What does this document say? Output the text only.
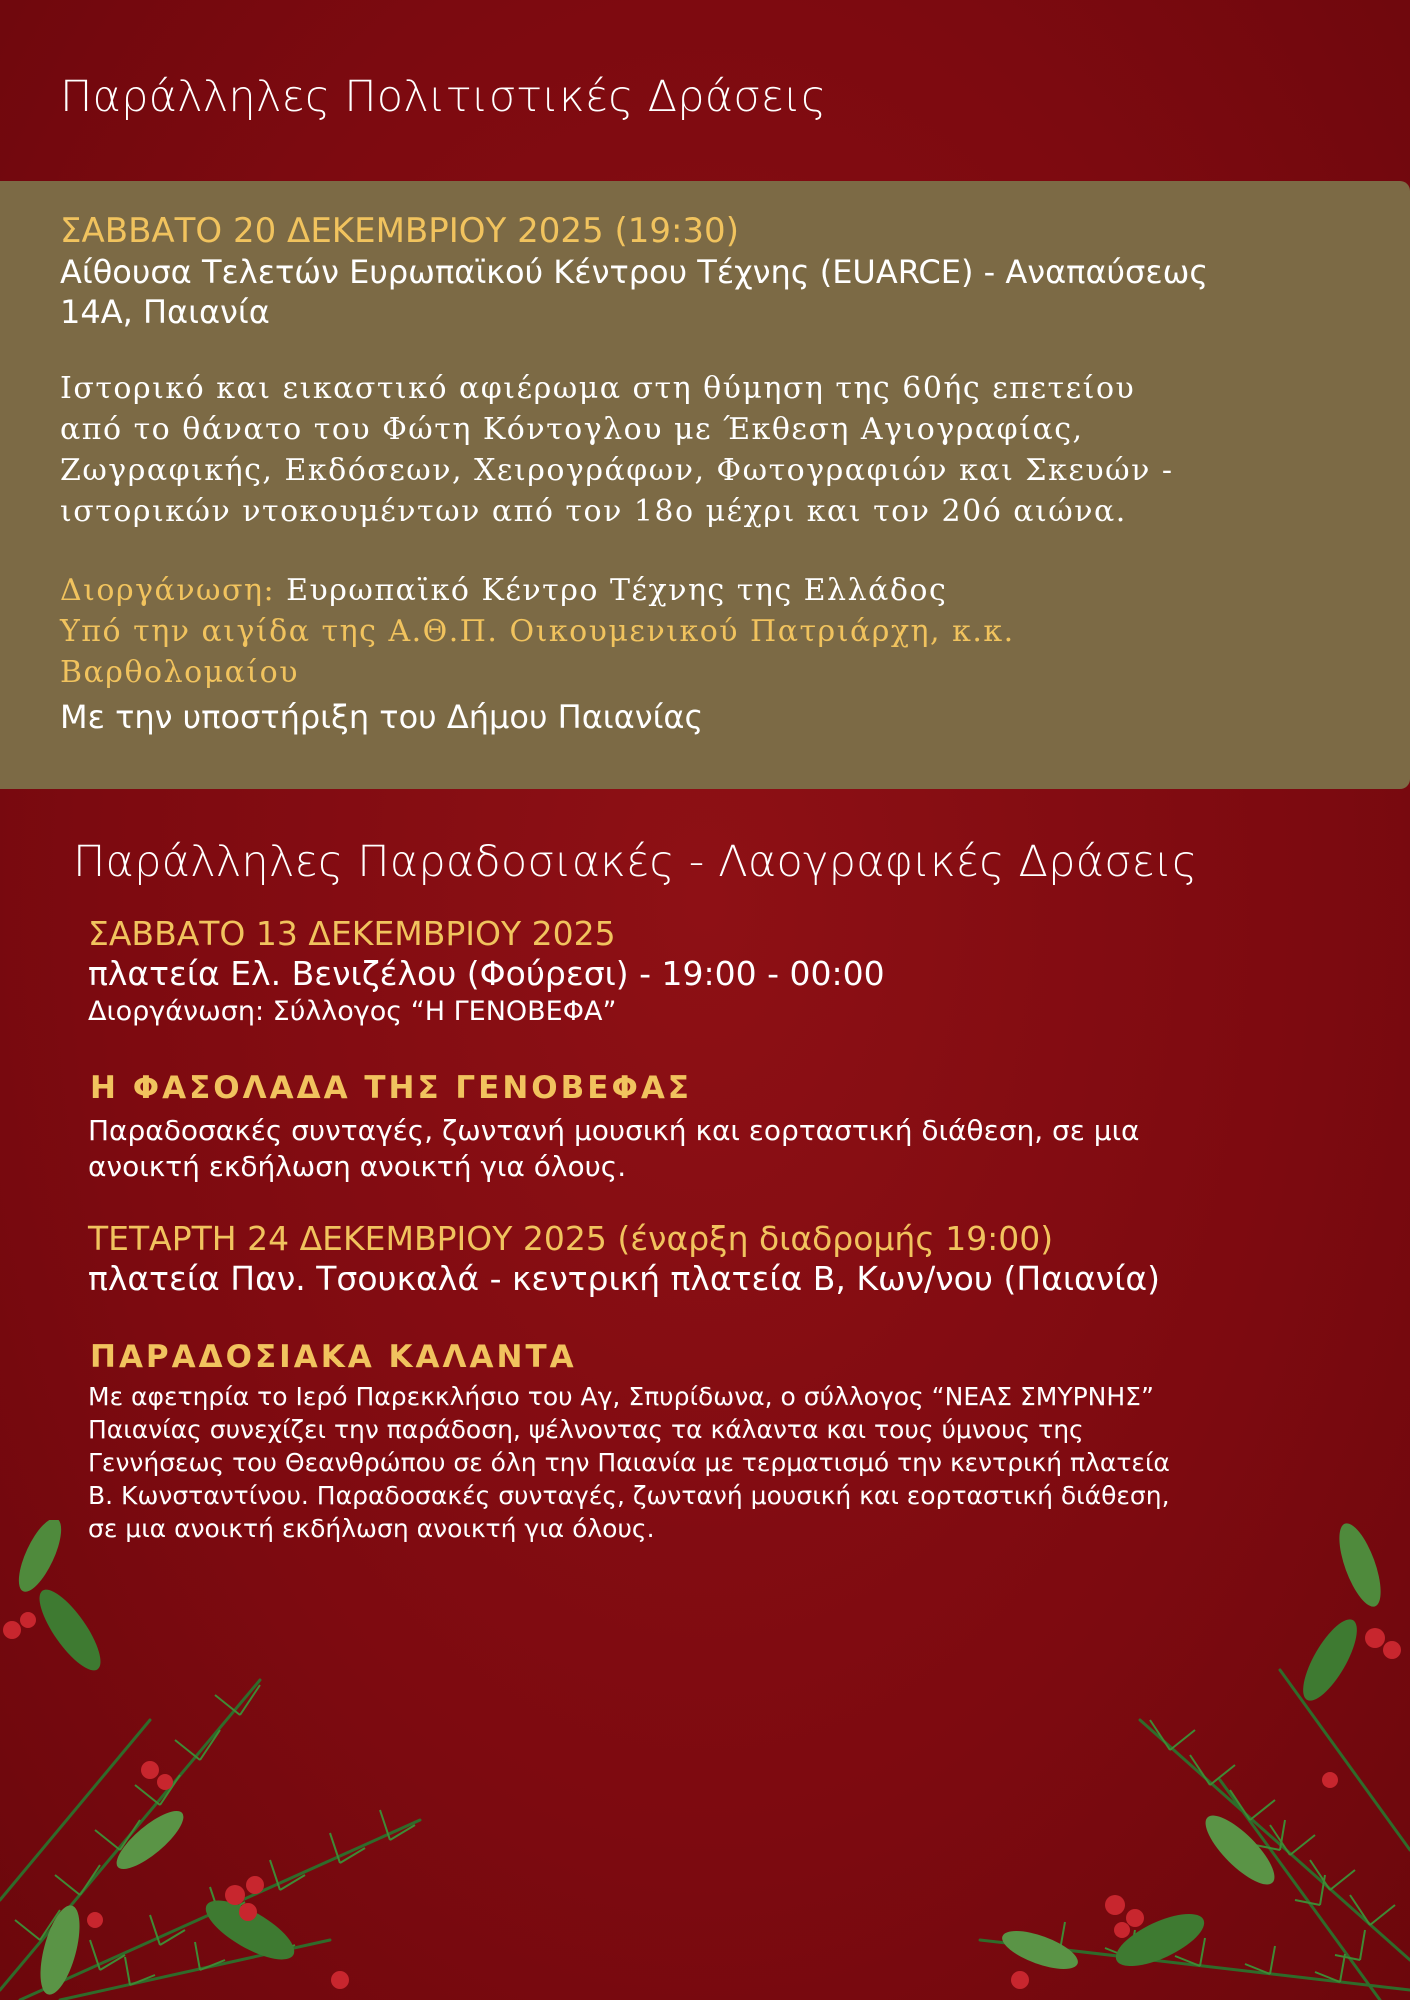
Παράλληλες Πολιτιστικές Δράσεις
ΣΑΒΒΑΤΟ 20 ΔΕΚΕΜΒΡΙΟΥ 2025 (19:30)
Αίθουσα Τελετών Ευρωπαϊκού Κέντρου Τέχνης (EUARCE) - Αναπαύσεως
14Α, Παιανία
Ιστορικό και εικαστικό αφιέρωμα στη θύμηση της 60ής επετείου
από το θάνατο του Φώτη Κόντογλου με Έκθεση Αγιογραφίας,
Ζωγραφικής, Εκδόσεων, Χειρογράφων, Φωτογραφιών και Σκευών -
ιστορικών ντοκουμέντων από τον 18ο μέχρι και τον 20ό αιώνα.
Διοργάνωση: Ευρωπαϊκό Κέντρο Τέχνης της Ελλάδος
Υπό την αιγίδα της Α.Θ.Π. Οικουμενικού Πατριάρχη, κ.κ.
Βαρθολομαίου
Με την υποστήριξη του Δήμου Παιανίας
Παράλληλες Παραδοσιακές - Λαογραφικές Δράσεις
ΣΑΒΒΑΤΟ 13 ΔΕΚΕΜΒΡΙΟΥ 2025
πλατεία Ελ. Βενιζέλου (Φούρεσι) - 19:00 - 00:00
Διοργάνωση: Σύλλογος “Η ΓΕΝΟΒΕΦΑ”
Η ΦΑΣΟΛΑΔΑ ΤΗΣ ΓΕΝΟΒΕΦΑΣ
Παραδοσακές συνταγές, ζωντανή μουσική και εορταστική διάθεση, σε μια
ανοικτή εκδήλωση ανοικτή για όλους.
ΤΕΤΑΡΤΗ 24 ΔΕΚΕΜΒΡΙΟΥ 2025 (έναρξη διαδρομής 19:00)
πλατεία Παν. Τσουκαλά - κεντρική πλατεία Β, Κων/νου (Παιανία)
ΠΑΡΑΔΟΣΙΑΚΑ ΚΑΛΑΝΤΑ
Με αφετηρία το Ιερό Παρεκκλήσιο του Αγ, Σπυρίδωνα, ο σύλλογος “ΝΕΑΣ ΣΜΥΡΝΗΣ”
Παιανίας συνεχίζει την παράδοση, ψέλνοντας τα κάλαντα και τους ύμνους της
Γεννήσεως του Θεανθρώπου σε όλη την Παιανία με τερματισμό την κεντρική πλατεία
Β. Κωνσταντίνου. Παραδοσακές συνταγές, ζωντανή μουσική και εορταστική διάθεση,
σε μια ανοικτή εκδήλωση ανοικτή για όλους.
